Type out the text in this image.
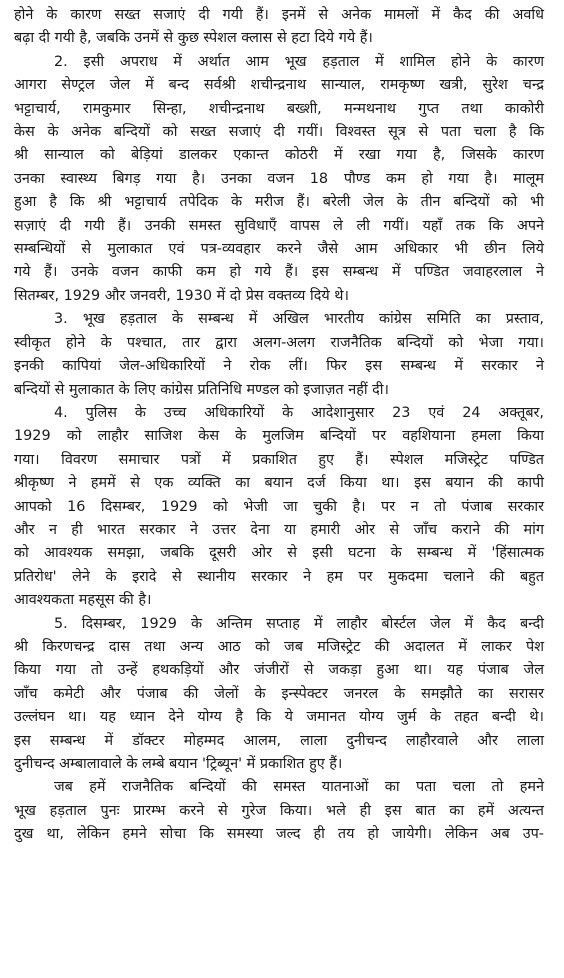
होने के कारण सख्त सजाएं दी गयी हैं। इनमें से अनेक मामलों में कैद की अवधि
बढ़ा दी गयी है, जबकि उनमें से कुछ स्पेशल क्लास से हटा दिये गये हैं।
2. इसी अपराध में अर्थात आम भूख हड़ताल में शामिल होने के कारण
आगरा सेण्ट्रल जेल में बन्द सर्वश्री शचीन्द्रनाथ सान्याल, रामकृष्ण खत्री, सुरेश चन्द्र
भट्टाचार्य, रामकुमार सिन्हा, शचीन्द्रनाथ बख्शी, मन्मथनाथ गुप्त तथा काकोरी
केस के अनेक बन्दियों को सख्त सजाएं दी गयीं। विश्वस्त सूत्र से पता चला है कि
श्री सान्याल को बेड़ियां डालकर एकान्त कोठरी में रखा गया है, जिसके कारण
उनका स्वास्थ्य बिगड़ गया है। उनका वजन 18 पौण्ड कम हो गया है। मालूम
हुआ है कि श्री भट्टाचार्य तपेदिक के मरीज हैं। बरेली जेल के तीन बन्दियों को भी
सज़ाएं दी गयी हैं। उनकी समस्त सुविधाएँ वापस ले ली गयीं। यहाँ तक कि अपने
सम्बन्धियों से मुलाकात एवं पत्र-व्यवहार करने जैसे आम अधिकार भी छीन लिये
गये हैं। उनके वजन काफी कम हो गये हैं। इस सम्बन्ध में पण्डित जवाहरलाल ने
सितम्बर, 1929 और जनवरी, 1930 में दो प्रेस वक्तव्य दिये थे।
3. भूख हड़ताल के सम्बन्ध में अखिल भारतीय कांग्रेस समिति का प्रस्ताव,
स्वीकृत होने के पश्चात, तार द्वारा अलग-अलग राजनैतिक बन्दियों को भेजा गया।
इनकी कापियां जेल-अधिकारियों ने रोक लीं। फिर इस सम्बन्ध में सरकार ने
बन्दियों से मुलाकात के लिए कांग्रेस प्रतिनिधि मण्डल को इजाज़त नहीं दी।
4. पुलिस के उच्च अधिकारियों के आदेशानुसार 23 एवं 24 अक्तूबर,
1929 को लाहौर साजिश केस के मुलजिम बन्दियों पर वहशियाना हमला किया
गया। विवरण समाचार पत्रों में प्रकाशित हुए हैं। स्पेशल मजिस्ट्रेट पण्डित
श्रीकृष्ण ने हममें से एक व्यक्ति का बयान दर्ज किया था। इस बयान की कापी
आपको 16 दिसम्बर, 1929 को भेजी जा चुकी है। पर न तो पंजाब सरकार
और न ही भारत सरकार ने उत्तर देना या हमारी ओर से जाँच कराने की मांग
को आवश्यक समझा, जबकि दूसरी ओर से इसी घटना के सम्बन्ध में 'हिंसात्मक
प्रतिरोध' लेने के इरादे से स्थानीय सरकार ने हम पर मुकदमा चलाने की बहुत
आवश्यकता महसूस की है।
5. दिसम्बर, 1929 के अन्तिम सप्ताह में लाहौर बोर्स्टल जेल में कैद बन्दी
श्री किरणचन्द्र दास तथा अन्य आठ को जब मजिस्ट्रेट की अदालत में लाकर पेश
किया गया तो उन्हें हथकड़ियों और जंजीरों से जकड़ा हुआ था। यह पंजाब जेल
जाँच कमेटी और पंजाब की जेलों के इन्स्पेक्टर जनरल के समझौते का सरासर
उल्लंघन था। यह ध्यान देने योग्य है कि ये जमानत योग्य जुर्म के तहत बन्दी थे।
इस सम्बन्ध में डॉक्टर मोहम्मद आलम, लाला दुनीचन्द लाहौरवाले और लाला
दुनीचन्द अम्बालावाले के लम्बे बयान 'ट्रिब्यून' में प्रकाशित हुए हैं।
जब हमें राजनैतिक बन्दियों की समस्त यातनाओं का पता चला तो हमने
भूख हड़ताल पुनः प्रारम्भ करने से गुरेज किया। भले ही इस बात का हमें अत्यन्त
दुख था, लेकिन हमने सोचा कि समस्या जल्द ही तय हो जायेगी। लेकिन अब उप-
